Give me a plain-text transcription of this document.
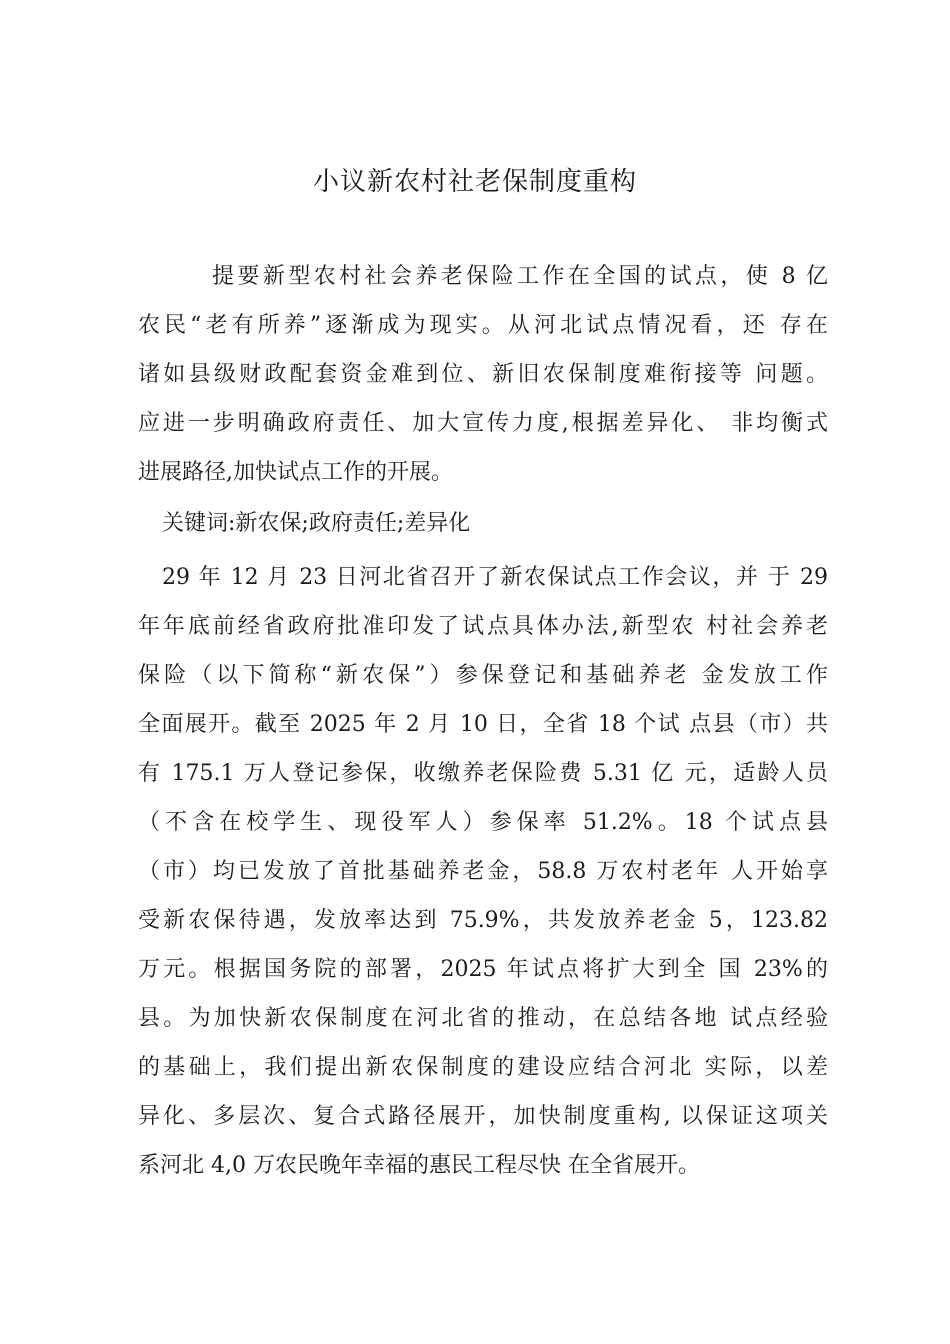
小议新农村社老保制度重构
提要新型农村社会养老保险工作在全国的试点，使 8 亿
农民“老有所养”逐渐成为现实。从河北试点情况看，还 存在
诸如县级财政配套资金难到位、新旧农保制度难衔接等 问题。
应进一步明确政府责任、加大宣传力度,根据差异化、 非均衡式
进展路径,加快试点工作的开展。
关键词:新农保;政府责任;差异化
29 年 12 月 23 日河北省召开了新农保试点工作会议，并 于 29
年年底前经省政府批准印发了试点具体办法,新型农 村社会养老
保险（以下简称“新农保”）参保登记和基础养老 金发放工作
全面展开。截至 2025 年 2 月 10 日，全省 18 个试 点县（市）共
有 175.1 万人登记参保，收缴养老保险费 5.31 亿 元，适龄人员
（不含在校学生、现役军人）参保率 51.2%。18 个试点县
（市）均已发放了首批基础养老金，58.8 万农村老年 人开始享
受新农保待遇，发放率达到 75.9%，共发放养老金 5，123.82
万元。根据国务院的部署，2025 年试点将扩大到全 国 23%的
县。为加快新农保制度在河北省的推动，在总结各地 试点经验
的基础上，我们提出新农保制度的建设应结合河北 实际，以差
异化、多层次、复合式路径展开，加快制度重构, 以保证这项关
系河北 4,0 万农民晚年幸福的惠民工程尽快 在全省展开。
